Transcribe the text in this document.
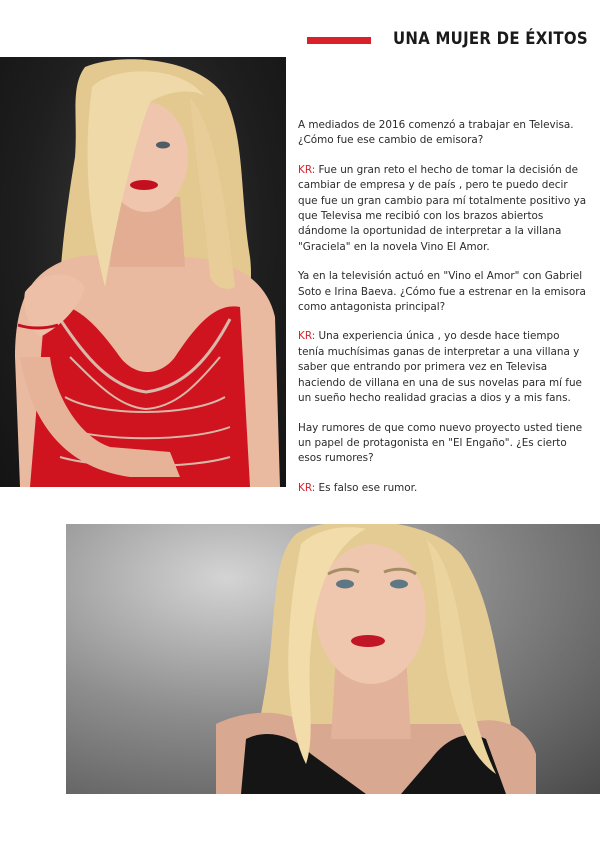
UNA MUJER DE ÉXITOS

A mediados de 2016 comenzó a trabajar en Televisa. ¿Cómo fue ese cambio de emisora?

KR: Fue un gran reto el hecho de tomar la decisión de cambiar de empresa y de país , pero te puedo decir que fue un gran cambio para mí totalmente positivo ya que Televisa me recibió con los brazos abiertos dándome la oportunidad de interpretar a la villana "Graciela" en la novela Vino El Amor.

Ya en la televisión actuó en "Vino el Amor" con Gabriel Soto e Irina Baeva. ¿Cómo fue a estrenar en la emisora como antagonista principal?

KR: Una experiencia única , yo desde hace tiempo tenía muchísimas ganas de interpretar a una villana y saber que entrando por primera vez en Televisa haciendo de villana en una de sus novelas para mí fue un sueño hecho realidad gracias a dios y a mis fans.

Hay rumores de que como nuevo proyecto usted tiene un papel de protagonista en "El Engaño". ¿Es cierto esos rumores?

KR: Es falso ese rumor.
